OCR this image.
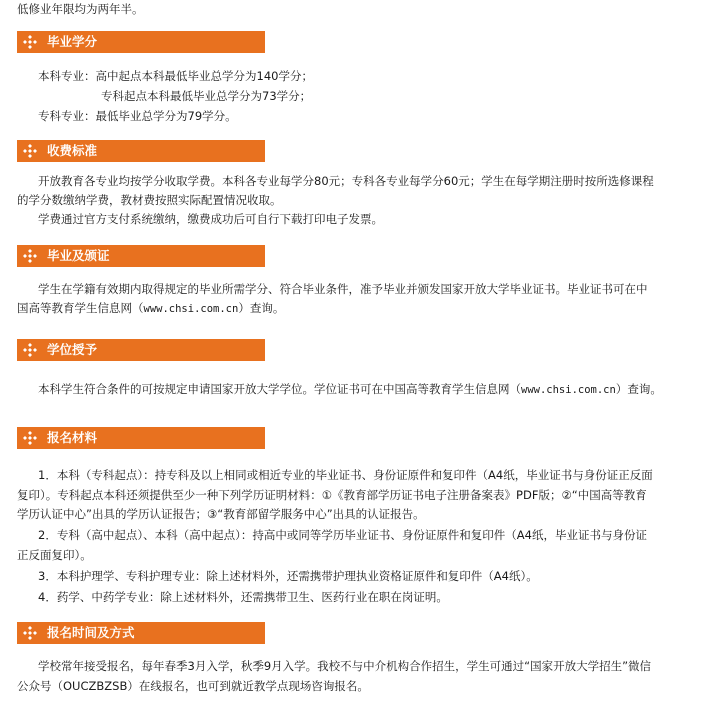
低修业年限均为两年半。
毕业学分
本科专业：高中起点本科最低毕业总学分为140学分；
专科起点本科最低毕业总学分为73学分；
专科专业：最低毕业总学分为79学分。
收费标准
开放教育各专业均按学分收取学费。本科各专业每学分80元；专科各专业每学分60元；学生在每学期注册时按所选修课程
的学分数缴纳学费，教材费按照实际配置情况收取。
学费通过官方支付系统缴纳，缴费成功后可自行下载打印电子发票。
毕业及颁证
学生在学籍有效期内取得规定的毕业所需学分、符合毕业条件，准予毕业并颁发国家开放大学毕业证书。毕业证书可在中
国高等教育学生信息网（www.chsi.com.cn）查询。
学位授予
本科学生符合条件的可按规定申请国家开放大学学位。学位证书可在中国高等教育学生信息网（www.chsi.com.cn）查询。
报名材料
1．本科（专科起点）：持专科及以上相同或相近专业的毕业证书、身份证原件和复印件（A4纸，毕业证书与身份证正反面
复印）。专科起点本科还须提供至少一种下列学历证明材料：①《教育部学历证书电子注册备案表》PDF版；②“中国高等教育
学历认证中心”出具的学历认证报告；③“教育部留学服务中心”出具的认证报告。
2．专科（高中起点）、本科（高中起点）：持高中或同等学历毕业证书、身份证原件和复印件（A4纸，毕业证书与身份证
正反面复印）。
3．本科护理学、专科护理专业：除上述材料外，还需携带护理执业资格证原件和复印件（A4纸）。
4．药学、中药学专业：除上述材料外，还需携带卫生、医药行业在职在岗证明。
报名时间及方式
学校常年接受报名，每年春季3月入学，秋季9月入学。我校不与中介机构合作招生，学生可通过“国家开放大学招生”微信
公众号（OUCZBZSB）在线报名，也可到就近教学点现场咨询报名。
